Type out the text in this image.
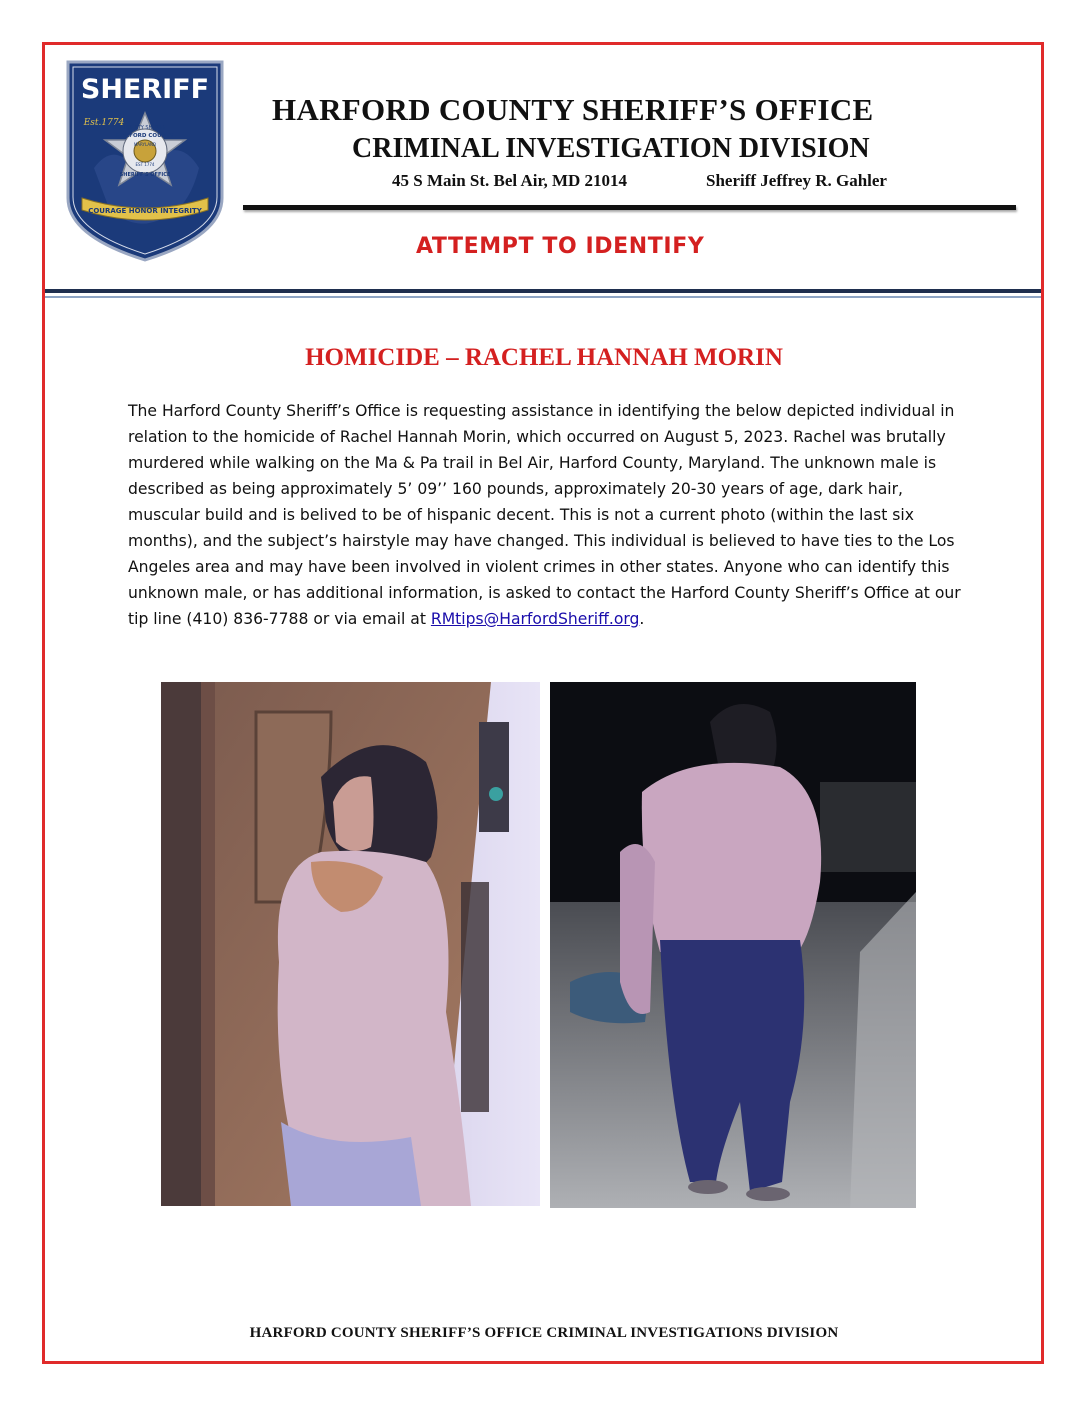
SHERIFF
Est.1774 LIBERTY SHERIFF
HARFORD COUNTY
MARYLAND
EST 1774
SHERIFF'S OFFICE
COURAGE HONOR INTEGRITY
HARFORD COUNTY SHERIFF’S OFFICE
CRIMINAL INVESTIGATION DIVISION
45 S Main St. Bel Air, MD 21014	Sheriff Jeffrey R. Gahler
ATTEMPT TO IDENTIFY
HOMICIDE – RACHEL HANNAH MORIN

The Harford County Sheriff’s Office is requesting assistance in identifying the below depicted individual in relation to the homicide of Rachel Hannah Morin, which occurred on August 5, 2023. Rachel was brutally murdered while walking on the Ma & Pa trail in Bel Air, Harford County, Maryland. The unknown male is described as being approximately 5’ 09’’ 160 pounds, approximately 20-30 years of age, dark hair, muscular build and is belived to be of hispanic decent. This is not a current photo (within the last six months), and the subject’s hairstyle may have changed. This individual is believed to have ties to the Los Angeles area and may have been involved in violent crimes in other states. Anyone who can identify this unknown male, or has additional information, is asked to contact the Harford County Sheriff’s Office at our tip line (410) 836-7788 or via email at RMtips@HarfordSheriff.org.

HARFORD COUNTY SHERIFF’S OFFICE CRIMINAL INVESTIGATIONS DIVISION
